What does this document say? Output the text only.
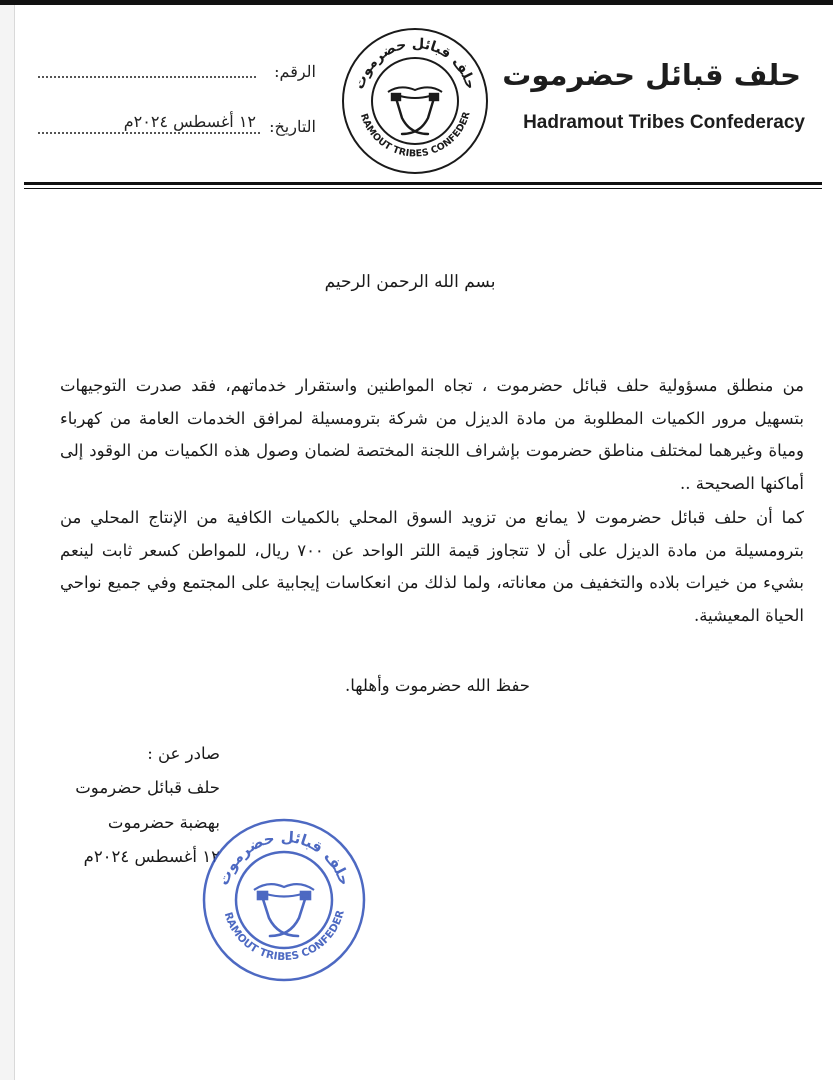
حلف قبائل حضرموت
Hadramout Tribes Confederacy
الرقم:
التاريخ:
١٢ أغسطس ٢٠٢٤م
حلف قبائل حضرموت
RAMOUT TRIBES CONFEDER
بسم الله الرحمن الرحيم
من منطلق مسؤولية حلف قبائل حضرموت ، تجاه المواطنين واستقرار خدماتهم، فقد صدرت التوجيهات بتسهيل مرور الكميات المطلوبة من مادة الديزل من شركة بترومسيلة لمرافق الخدمات العامة من كهرباء ومياة وغيرهما لمختلف مناطق حضرموت بإشراف اللجنة المختصة لضمان وصول هذه الكميات من الوقود إلى أماكنها الصحيحة ..
كما أن حلف قبائل حضرموت لا يمانع من تزويد السوق المحلي بالكميات الكافية من الإنتاج المحلي من بترومسيلة من مادة الديزل على أن لا تتجاوز قيمة اللتر الواحد عن ٧٠٠ ريال، للمواطن كسعر ثابت لينعم بشيء من خيرات بلاده والتخفيف من معاناته، ولما لذلك من انعكاسات إيجابية على المجتمع وفي جميع نواحي الحياة المعيشية.
حفظ الله حضرموت وأهلها.
صادر عن :
حلف قبائل حضرموت
بهضبة حضرموت
١٢ أغسطس ٢٠٢٤م
حلف قبائل حضرموت
RAMOUT TRIBES CONFEDER
